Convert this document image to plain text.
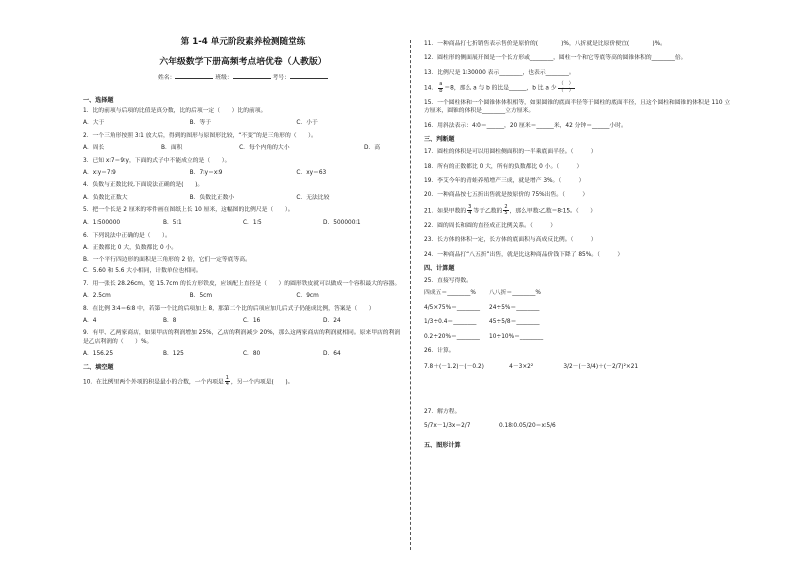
第 1-4 单元阶段素养检测随堂练
六年级数学下册高频考点培优卷（人教版）
姓名：	班级：	考号：
一、选择题
1．比的前项与后项的比值是真分数，比的后项一定（　　）比的前项。
A．大于	B．等于	C．小于
2．一个三角形按照 3∶1 放大后，得到的图形与原图形比较，“不变”的是三角形的（　　）。
A．周长	B．面积	C．每个内角的大小	D．高
3．已知 x∶7＝9∶y，下面的式子中不能成立的是（　　）。
A．x∶y＝7∶9	B．7∶y＝x∶9	C．xy＝63
4．负数与正数比较,下面说法正确的是(　　)。
A．负数比正数大	B．负数比正数小	C．无法比较
5．把一个长是 2 厘米的零件画在图纸上长 10 厘米，这幅图的比例尺是（　　）。
A．1∶500000	B．5∶1	C．1∶5	D．500000∶1
6．下列说法中正确的是（　　）。
A．正数都比 0 大，负数都比 0 小。
B．一个平行四边形的面积是三角形的 2 倍，它们一定等底等高。
C．5.60 和 5.6 大小相同，计数单位也相同。
7．用一张长 28.26cm，宽 15.7cm 的长方形铁皮，应该配上直径是（　　）的圆形铁皮就可以做成一个容积最大的容器。
A．2.5cm	B．5cm	C．9cm
8．在比例 3∶4＝6∶8 中，若第一个比的后项加上 8，那第二个比的后项应加几后式子仍能成比例，答案是（　　）
A．4	B．8	C．16	D．24
9．有甲、乙两家商店，如果甲店的利润增加 25%，乙店的利润减少 20%，那么这两家商店的利润就相同。原来甲店的利润是乙店利润的（　　）%。
A．156.25	B．125	C．80	D．64
二、填空题
10．在比例里两个外项的积是最小的合数，一个内项是 $\frac{1}{4}$ ，另一个内项是(　　)。
11．一种商品打七折销售表示售价是原价的(　　　　)%，八折就是比原价便宜(　　　　)%。
12．圆柱形的侧面展开图是一个长方形或________，圆柱一个和它等底等高的圆锥体积的________倍。
13．比例尺是 1∶30000 表示________，也表示________。
14． $\frac{a}{b} =8$，那么 a 与 b 的比是______，b 比 a 少
（　）
（　）
15．一个圆柱体和一个圆锥体体积相等，如果圆锥的底面半径等于圆柱的底面半径，且这个圆柱和圆锥的体积是 110 立方厘米，圆锥的体积是________立方厘米。
16．用斜法表示：4∶0＝______，20 厘米＝______米，42 分钟＝______小时。
三、判断题
17．圆柱的体积是可以用圆柱侧面积的一半乘底面半径。（　　　）
18．所有的正数都比 0 大，所有的负数都比 0 小。（　　　）
19．李艾今年的青蛙养殖增产三成，就是增产 3%。（　　　）
20．一种商品按七五折出售就是按原价的 75%出售。（　　　）
21．如果甲数的 $\frac{3}{4}$ 等于乙数的 $\frac{2}{5}$ ，那么甲数∶乙数＝8∶15。（　　）
22．圆的周长和圆的直径成正比例关系。（　　　）
23．长方体的体积一定，长方体的底面积与高成反比例。（　　　）
24．一种商品打“八五折”出售，就是比这种商品价钱下降了 85%。（　　　）
四、计算题
25．直接写得数。
四成五＝________%	八八折＝________%
4/5×75%＝________	24÷5%＝________
1/3÷0.4＝________	45÷5/8＝________
0.2÷20%＝________	10÷10%＝________
26．计算。
7.8＋(－1.2)－(－0.2)	4－3×2²	3/2－(－3/4)＋(－2/7)²×21
27．解方程。
5/7x－1/3x＝2/7	0.18∶0.05/20＝x∶5/6
五、图形计算
